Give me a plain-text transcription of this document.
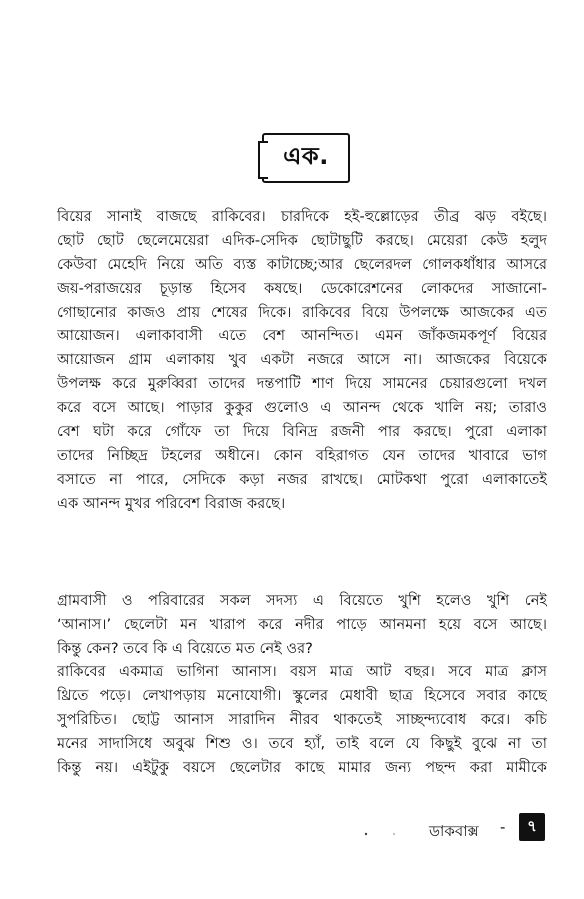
এক.
বিয়ের সানাই বাজছে রাকিবের। চারদিকে হই-হুল্লোড়ের তীব্র ঝড় বইছে।
ছোট ছোট ছেলেমেয়েরা এদিক-সেদিক ছোটাছুটি করছে। মেয়েরা কেউ হলুদ
কেউবা মেহেদি নিয়ে অতি ব্যস্ত কাটাচ্ছে;আর ছেলেরদল গোলকধাঁধার আসরে
জয়-পরাজয়ের চূড়ান্ত হিসেব কষছে। ডেকোরেশনের লোকদের সাজানো-
গোছানোর কাজও প্রায় শেষের দিকে। রাকিবের বিয়ে উপলক্ষে আজকের এত
আয়োজন। এলাকাবাসী এতে বেশ আনন্দিত। এমন জাঁকজমকপূর্ণ বিয়ের
আয়োজন গ্রাম এলাকায় খুব একটা নজরে আসে না। আজকের বিয়েকে
উপলক্ষ করে মুরুব্বিরা তাদের দন্তপাটি শাণ দিয়ে সামনের চেয়ারগুলো দখল
করে বসে আছে। পাড়ার কুকুর গুলোও এ আনন্দ থেকে খালি নয়; তারাও
বেশ ঘটা করে গোঁফে তা দিয়ে বিনিদ্র রজনী পার করছে। পুরো এলাকা
তাদের নিচ্ছিদ্র টহলের অধীনে। কোন বহিরাগত যেন তাদের খাবারে ভাগ
বসাতে না পারে, সেদিকে কড়া নজর রাখছে। মোটকথা পুরো এলাকাতেই
এক আনন্দ মুখর পরিবেশ বিরাজ করছে।
গ্রামবাসী ও পরিবারের সকল সদস্য এ বিয়েতে খুশি হলেও খুশি নেই
‘আনাস।’ ছেলেটা মন খারাপ করে নদীর পাড়ে আনমনা হয়ে বসে আছে।
কিন্তু কেন? তবে কি এ বিয়েতে মত নেই ওর?
রাকিবের একমাত্র ভাগিনা আনাস। বয়স মাত্র আট বছর। সবে মাত্র ক্লাস
থ্রিতে পড়ে। লেখাপড়ায় মনোযোগী। স্কুলের মেধাবী ছাত্র হিসেবে সবার কাছে
সুপরিচিত। ছোট্ট আনাস সারাদিন নীরব থাকতেই সাচ্ছন্দ্যবোধ করে। কচি
মনের সাদাসিধে অবুঝ শিশু ও। তবে হ্যাঁ, তাই বলে যে কিছুই বুঝে না তা
কিন্তু নয়। এইটুকু বয়সে ছেলেটার কাছে মামার জন্য পছন্দ করা মামীকে
ডাকবাক্স - ৭
